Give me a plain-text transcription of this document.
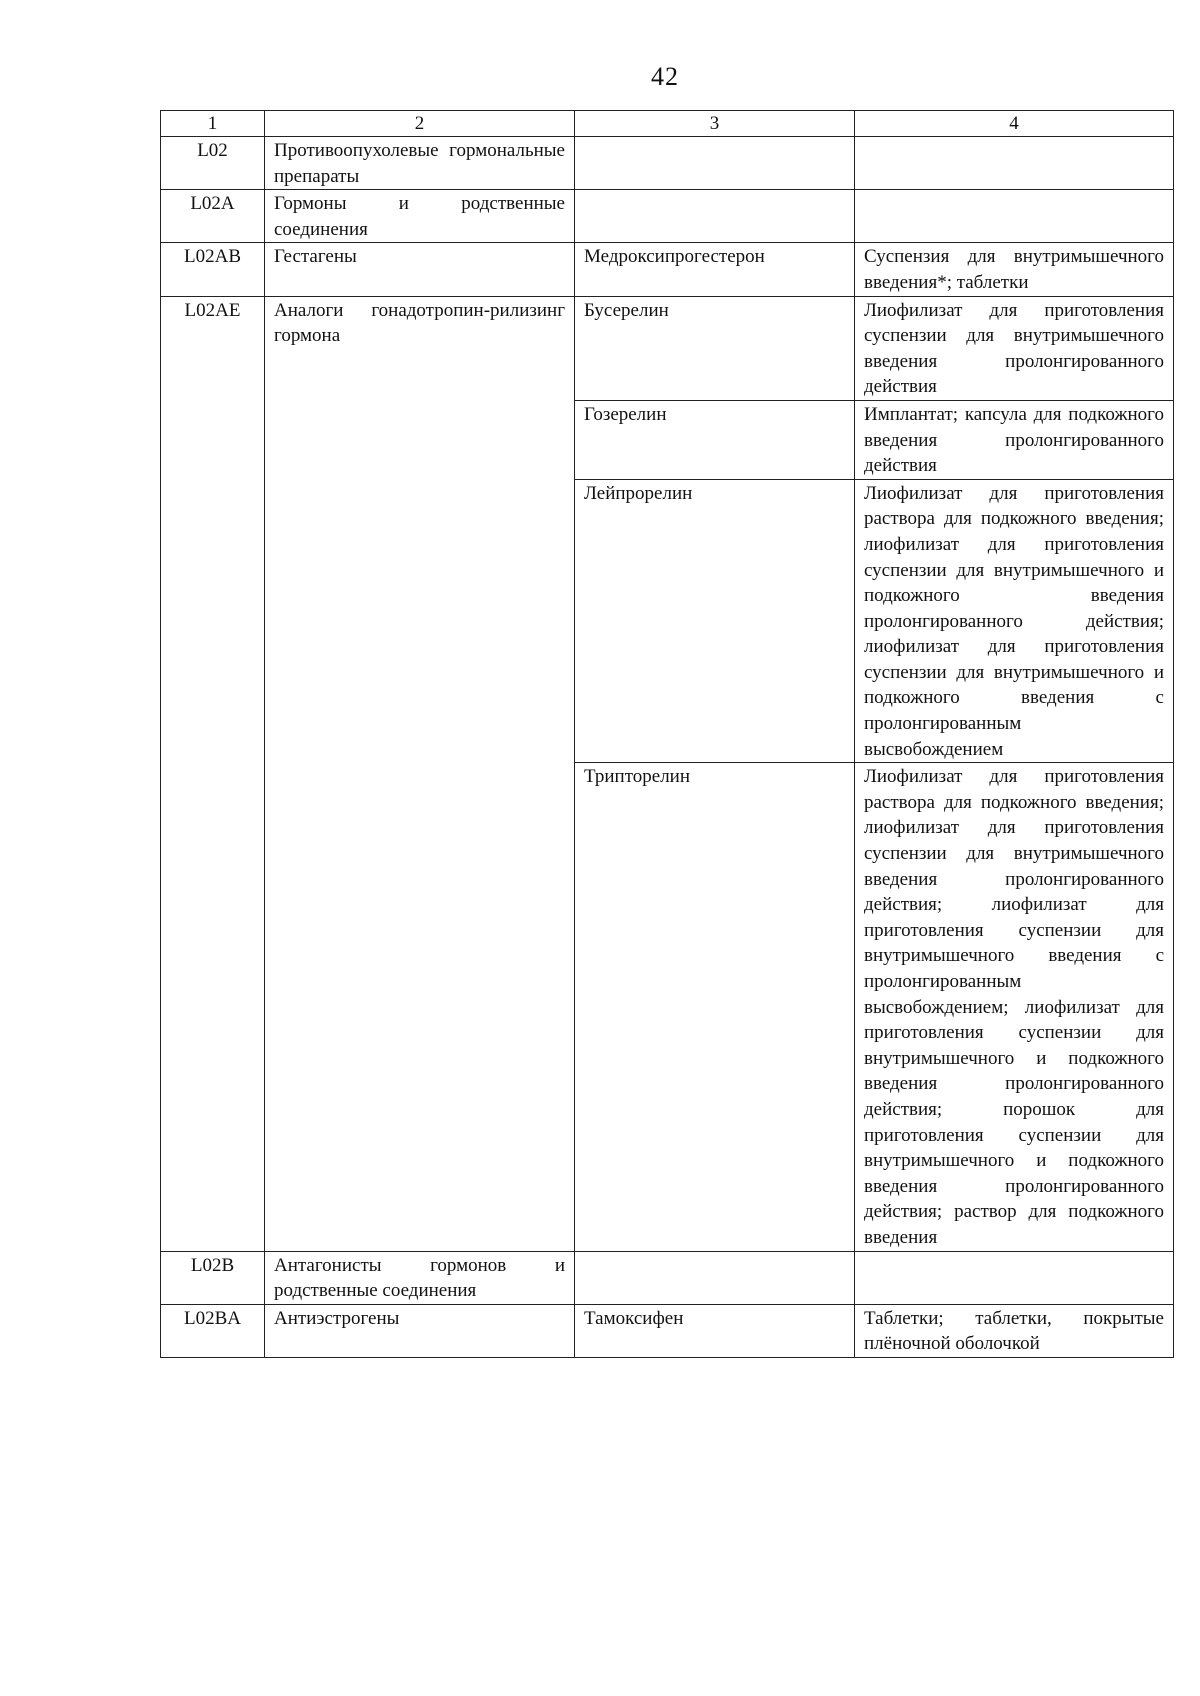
42
1	2	3	4
L02	Противоопухолевые гормональные препараты		
L02A	Гормоны и родственные соединения		
L02AB	Гестагены	Медроксипрогестерон	Суспензия для внутримышечного введения*; таблетки
L02AE	Аналоги гонадотропин-рилизинг гормона	Бусерелин	Лиофилизат для приготовления суспензии для внутримышечного введения пролонгированного действия
		Гозерелин	Имплантат; капсула для подкожного введения пролонгированного действия
		Лейпрорелин	Лиофилизат для приготовления раствора для подкожного введения; лиофилизат для приготовления суспензии для внутримышечного и подкожного введения пролонгированного действия; лиофилизат для приготовления суспензии для внутримышечного и подкожного введения с пролонгированным высвобождением
		Трипторелин	Лиофилизат для приготовления раствора для подкожного введения; лиофилизат для приготовления суспензии для внутримышечного введения пролонгированного действия; лиофилизат для приготовления суспензии для внутримышечного введения с пролонгированным высвобождением; лиофилизат для приготовления суспензии для внутримышечного и подкожного введения пролонгированного действия; порошок для приготовления суспензии для внутримышечного и подкожного введения пролонгированного действия; раствор для подкожного введения
L02B	Антагонисты гормонов и родственные соединения		
L02BA	Антиэстрогены	Тамоксифен	Таблетки; таблетки, покрытые плёночной оболочкой
